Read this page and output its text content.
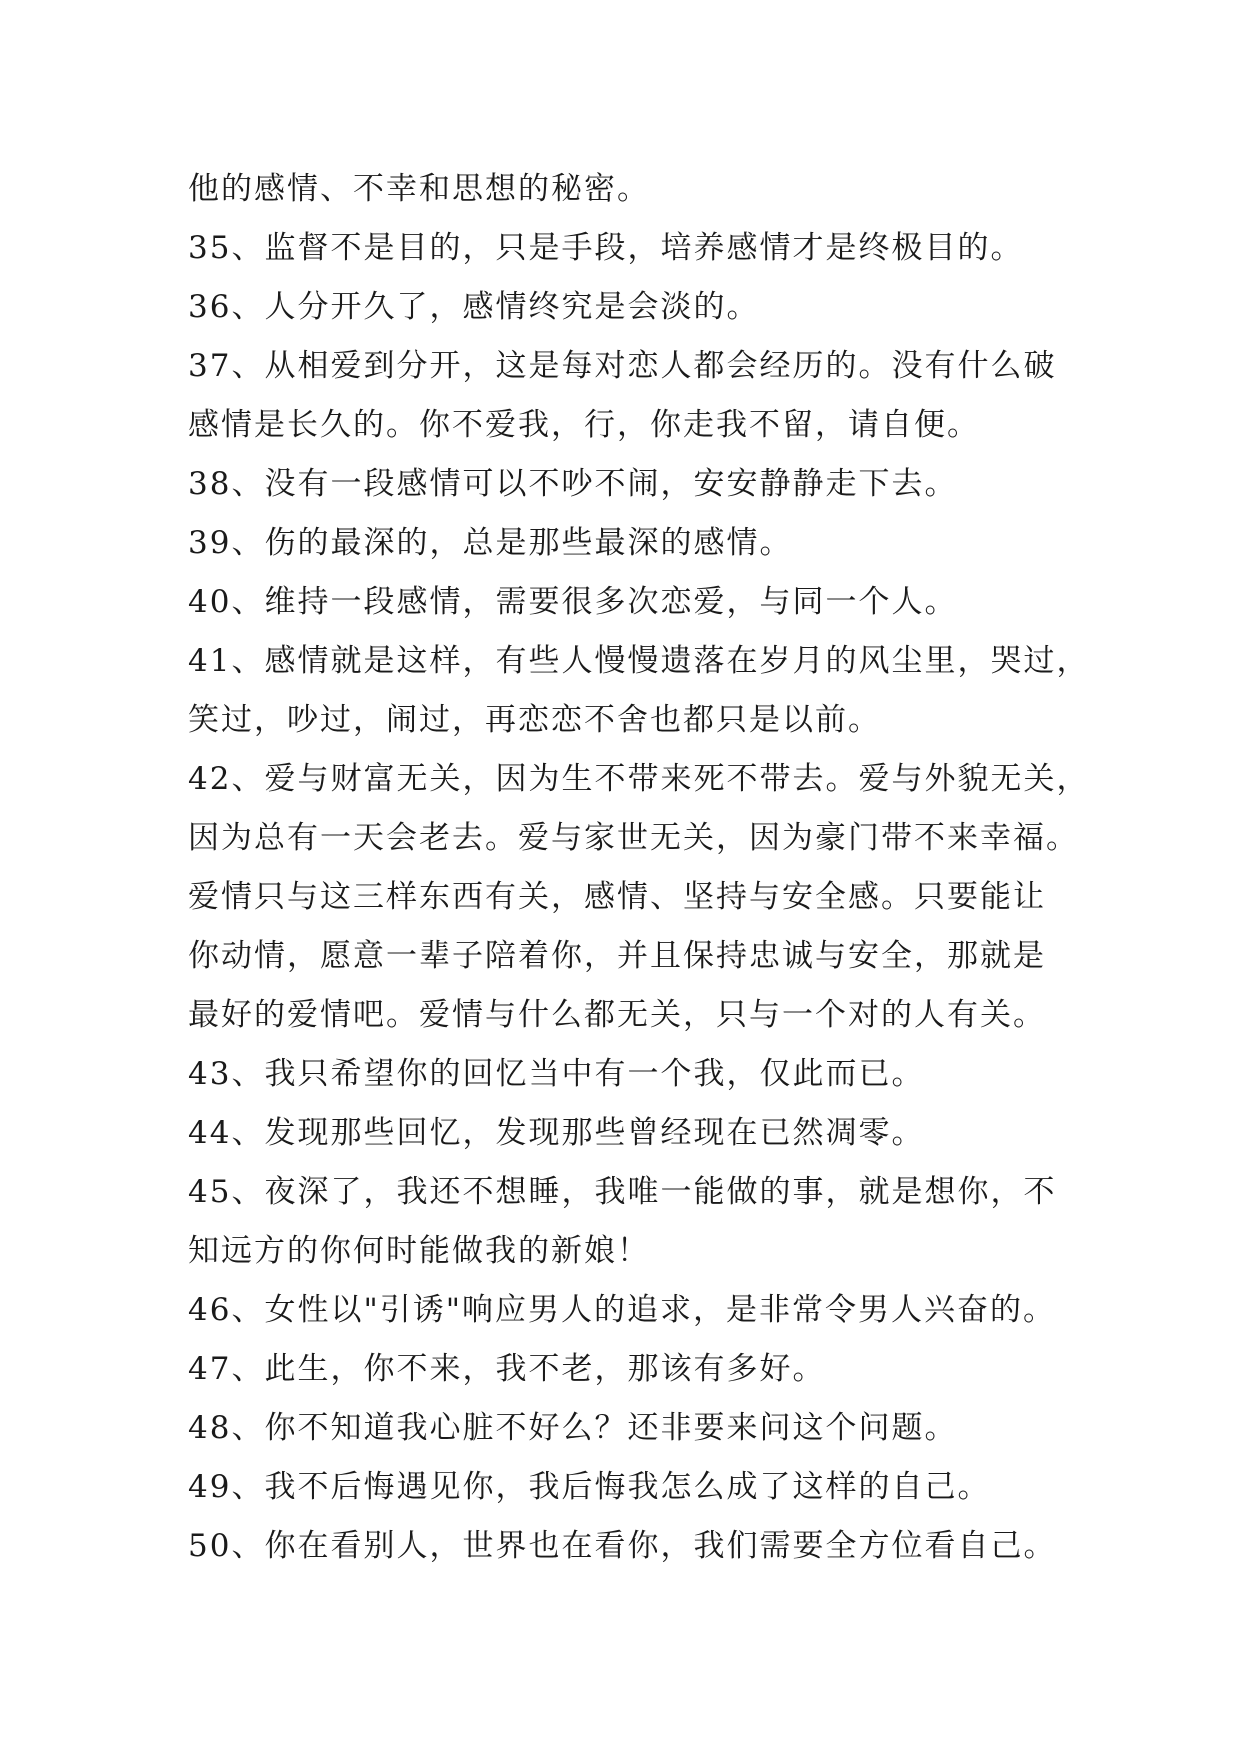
他的感情、不幸和思想的秘密。
35、监督不是目的，只是手段，培养感情才是终极目的。
36、人分开久了，感情终究是会淡的。
37、从相爱到分开，这是每对恋人都会经历的。没有什么破
感情是长久的。你不爱我，行，你走我不留，请自便。
38、没有一段感情可以不吵不闹，安安静静走下去。
39、伤的最深的，总是那些最深的感情。
40、维持一段感情，需要很多次恋爱，与同一个人。
41、感情就是这样，有些人慢慢遗落在岁月的风尘里，哭过，
笑过，吵过，闹过，再恋恋不舍也都只是以前。
42、爱与财富无关，因为生不带来死不带去。爱与外貌无关，
因为总有一天会老去。爱与家世无关，因为豪门带不来幸福。
爱情只与这三样东西有关，感情、坚持与安全感。只要能让
你动情，愿意一辈子陪着你，并且保持忠诚与安全，那就是
最好的爱情吧。爱情与什么都无关，只与一个对的人有关。
43、我只希望你的回忆当中有一个我，仅此而已。
44、发现那些回忆，发现那些曾经现在已然凋零。
45、夜深了，我还不想睡，我唯一能做的事，就是想你，不
知远方的你何时能做我的新娘！
46、女性以"引诱"响应男人的追求，是非常令男人兴奋的。
47、此生，你不来，我不老，那该有多好。
48、你不知道我心脏不好么？还非要来问这个问题。
49、我不后悔遇见你，我后悔我怎么成了这样的自己。
50、你在看别人，世界也在看你，我们需要全方位看自己。
